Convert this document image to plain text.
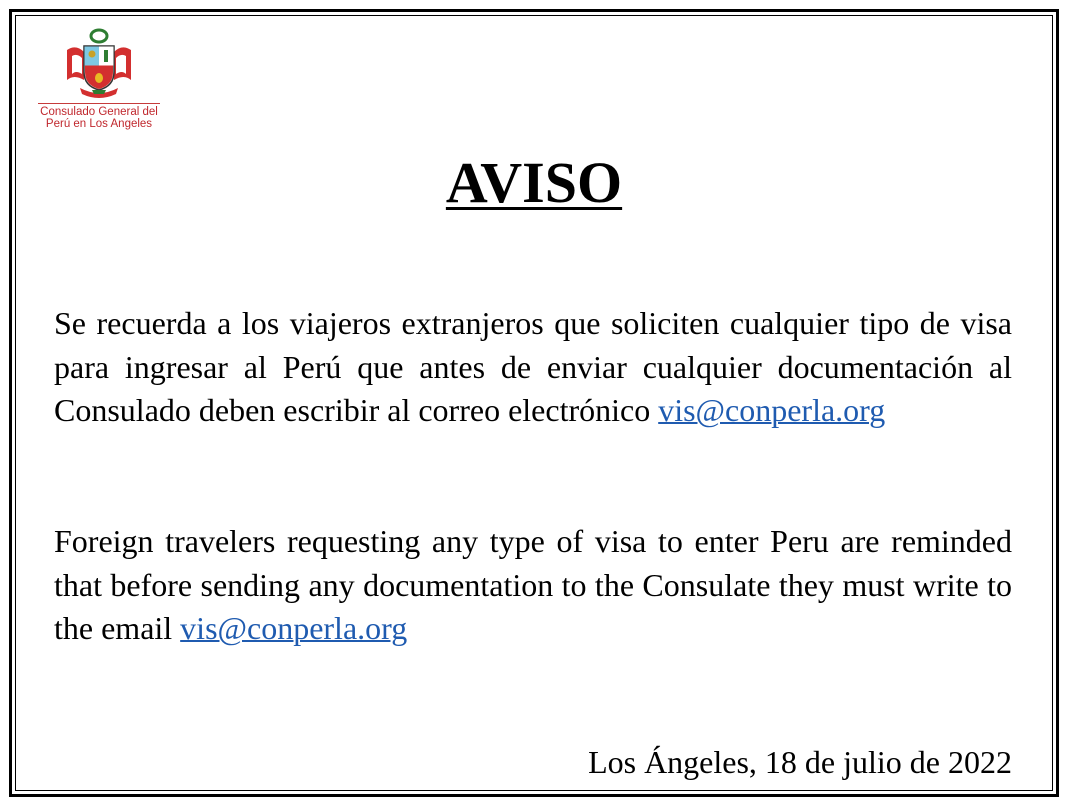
Consulado General del
Perú en Los Angeles
AVISO

Se recuerda a los viajeros extranjeros que soliciten cualquier tipo de visa para ingresar al Perú que antes de enviar cualquier documentación al Consulado deben escribir al correo electrónico vis@conperla.org

Foreign travelers requesting any type of visa to enter Peru are reminded that before sending any documentation to the Consulate they must write to the email vis@conperla.org

Los Ángeles, 18 de julio de 2022
